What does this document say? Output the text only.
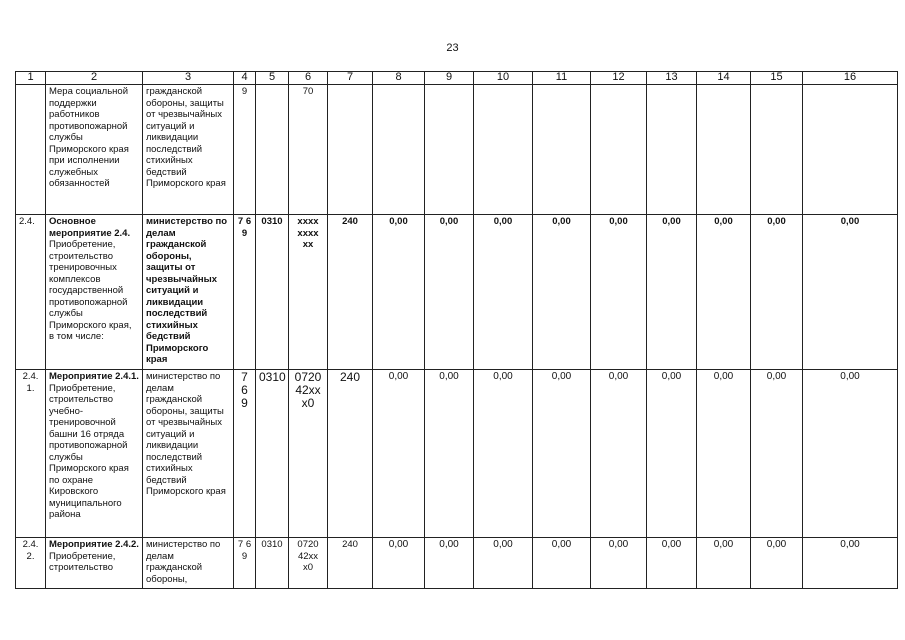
23
1	2	3	4	5	6	7	8	9	10	11	12	13	14	15	16
	Мера социальной поддержки работников противопожарной службы Приморского края при исполнении служебных обязанностей	гражданской обороны, защиты от чрезвычайных ситуаций и ликвидации последствий стихийных бедствий Приморского края	9		70										
2.4.	Основное мероприятие 2.4. Приобретение, строительство тренировочных комплексов государственной противопожарной службы Приморского края, в том числе:	министерство по делам гражданской обороны, защиты от чрезвычайных ситуаций и ликвидации последствий стихийных бедствий Приморского края	7 6 9	0310	xxxx xxxx xx	240	0,00	0,00	0,00	0,00	0,00	0,00	0,00	0,00	0,00
2.4. 1.	Мероприятие 2.4.1. Приобретение, строительство учебно-тренировочной башни 16 отряда противопожарной службы Приморского края по охране Кировского муниципального района	министерство по делам гражданской обороны, защиты от чрезвычайных ситуаций и ликвидации последствий стихийных бедствий Приморского края	7 6 9	0310	0720 42xx x0	240	0,00	0,00	0,00	0,00	0,00	0,00	0,00	0,00	0,00
2.4. 2.	Мероприятие 2.4.2. Приобретение, строительство	министерство по делам гражданской обороны,	7 6 9	0310	0720 42xx x0	240	0,00	0,00	0,00	0,00	0,00	0,00	0,00	0,00	0,00
